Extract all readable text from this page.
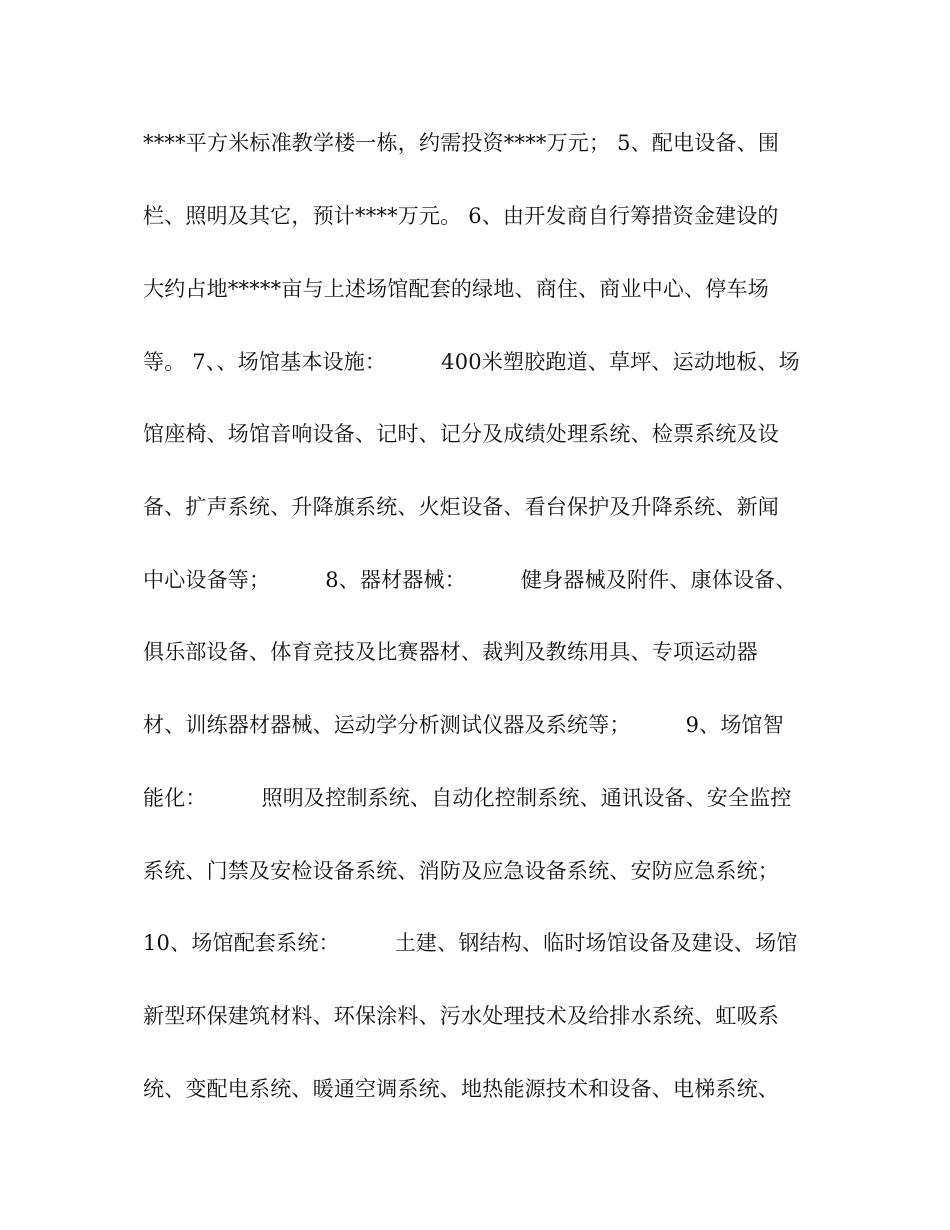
****平方米标准教学楼一栋，约需投资****万元； 5、配电设备、围
栏、照明及其它，预计****万元。 6、由开发商自行筹措资金建设的
大约占地*****亩与上述场馆配套的绿地、商住、商业中心、停车场
等。 7、、场馆基本设施：        400米塑胶跑道、草坪、运动地板、场
馆座椅、场馆音响设备、记时、记分及成绩处理系统、检票系统及设
备、扩声系统、升降旗系统、火炬设备、看台保护及升降系统、新闻
中心设备等；        8、器材器械：        健身器械及附件、康体设备、
俱乐部设备、体育竞技及比赛器材、裁判及教练用具、专项运动器
材、训练器材器械、运动学分析测试仪器及系统等；        9、场馆智
能化：        照明及控制系统、自动化控制系统、通讯设备、安全监控
系统、门禁及安检设备系统、消防及应急设备系统、安防应急系统；
10、场馆配套系统：        土建、钢结构、临时场馆设备及建设、场馆
新型环保建筑材料、环保涂料、污水处理技术及给排水系统、虹吸系
统、变配电系统、暖通空调系统、地热能源技术和设备、电梯系统、
